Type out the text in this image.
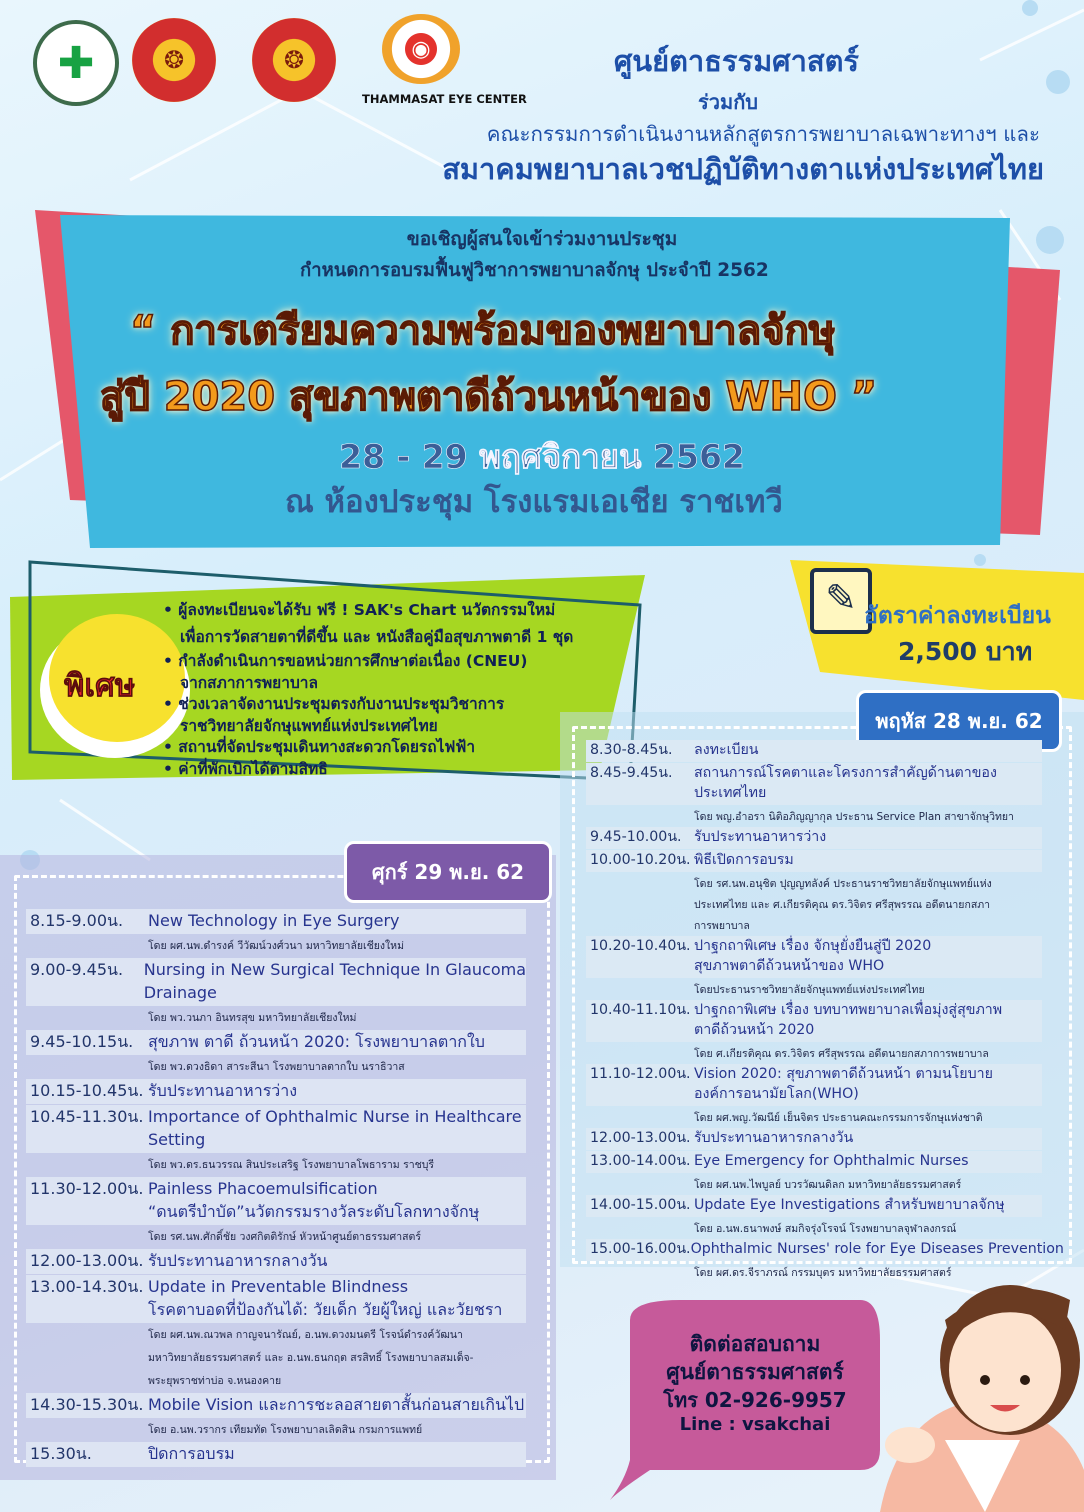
✚	❂	❂	◉
THAMMASAT EYE CENTER
ศูนย์ตาธรรมศาสตร์
ร่วมกับ
คณะกรรมการดำเนินงานหลักสูตรการพยาบาลเฉพาะทางฯ และ
สมาคมพยาบาลเวชปฏิบัติทางตาแห่งประเทศไทย
ขอเชิญผู้สนใจเข้าร่วมงานประชุม
กำหนดการอบรมฟื้นฟูวิชาการพยาบาลจักษุ ประจำปี 2562
“ การเตรียมความพร้อมของพยาบาลจักษุ
สู่ปี 2020 สุขภาพตาดีถ้วนหน้าของ WHO ”
28 - 29 พฤศจิกายน 2562
ณ ห้องประชุม โรงแรมเอเชีย ราชเทวี
พิเศษ
• ผู้ลงทะเบียนจะได้รับ ฟรี ! SAK's Chart นวัตกรรมใหม่
เพื่อการวัดสายตาที่ดีขึ้น และ หนังสือคู่มือสุขภาพตาดี 1 ชุด
• กำลังดำเนินการขอหน่วยการศึกษาต่อเนื่อง (CNEU)
จากสภาการพยาบาล
• ช่วงเวลาจัดงานประชุมตรงกับงานประชุมวิชาการ
ราชวิทยาลัยจักษุแพทย์แห่งประเทศไทย
• สถานที่จัดประชุมเดินทางสะดวกโดยรถไฟฟ้า
• ค่าที่พักเบิกได้ตามสิทธิ
✎ อัตราค่าลงทะเบียน
2,500 บาท
พฤหัส 28 พ.ย. 62
8.30-8.45น.	ลงทะเบียน
8.45-9.45น.	สถานการณ์โรคตาและโครงการสำคัญด้านตาของ
ประเทศไทย
โดย พญ.อำอรา นิติอภิญญากุล ประธาน Service Plan สาขาจักษุวิทยา
9.45-10.00น. รับประทานอาหารว่าง
10.00-10.20น. พิธีเปิดการอบรม
โดย รศ.นพ.อนุชิต ปุญญทลังค์ ประธานราชวิทยาลัยจักษุแพทย์แห่ง
ประเทศไทย และ ศ.เกียรติคุณ ดร.วิจิตร ศรีสุพรรณ อดีตนายกสภา
การพยาบาล
10.20-10.40น. ปาฐกถาพิเศษ เรื่อง จักษุยั่งยืนสู่ปี 2020
สุขภาพตาดีถ้วนหน้าของ WHO
โดยประธานราชวิทยาลัยจักษุแพทย์แห่งประเทศไทย
10.40-11.10น. ปาฐกถาพิเศษ เรื่อง บทบาทพยาบาลเพื่อมุ่งสู่สุขภาพ
ตาดีถ้วนหน้า 2020
โดย ศ.เกียรติคุณ ดร.วิจิตร ศรีสุพรรณ อดีตนายกสภาการพยาบาล
11.10-12.00น. Vision 2020: สุขภาพตาดีถ้วนหน้า ตามนโยบาย
องค์การอนามัยโลก(WHO)
โดย ผศ.พญ.วัฒนีย์ เย็นจิตร ประธานคณะกรรมการจักษุแห่งชาติ
12.00-13.00น. รับประทานอาหารกลางวัน
13.00-14.00น. Eye Emergency for Ophthalmic Nurses
โดย ผศ.นพ.ไพบูลย์ บวรวัฒนดิลก มหาวิทยาลัยธรรมศาสตร์
14.00-15.00น. Update Eye Investigations สำหรับพยาบาลจักษุ
โดย อ.นพ.ธนาพงษ์ สมกิจรุ่งโรจน์ โรงพยาบาลจุฬาลงกรณ์
15.00-16.00น. Ophthalmic Nurses' role for Eye Diseases Prevention
โดย ผศ.ดร.จีราภรณ์ กรรมบุตร มหาวิทยาลัยธรรมศาสตร์
ศุกร์ 29 พ.ย. 62
8.15-9.00น.	New Technology in Eye Surgery
โดย ผศ.นพ.ดำรงค์ วีวัฒน์วงศ์วนา มหาวิทยาลัยเชียงใหม่
9.00-9.45น.	Nursing in New Surgical Technique In Glaucoma
Drainage
โดย พว.วนภา อินทรสุข มหาวิทยาลัยเชียงใหม่
9.45-10.15น. สุขภาพ ตาดี ถ้วนหน้า 2020: โรงพยาบาลตากใบ
โดย พว.ดวงธิดา สาระสีนา โรงพยาบาลตากใบ นราธิวาส
10.15-10.45น. รับประทานอาหารว่าง
10.45-11.30น. Importance of Ophthalmic Nurse in Healthcare
Setting
โดย พว.ดร.ธนวรรณ สินประเสริฐ โรงพยาบาลโพธาราม ราชบุรี
11.30-12.00น. Painless Phacoemulsification
“ดนตรีบำบัด”นวัตกรรมรางวัลระดับโลกทางจักษุ
โดย รศ.นพ.ศักดิ์ชัย วงศกิตติรักษ์ หัวหน้าศูนย์ตาธรรมศาสตร์
12.00-13.00น. รับประทานอาหารกลางวัน
13.00-14.30น. Update in Preventable Blindness
โรคตาบอดที่ป้องกันได้: วัยเด็ก วัยผู้ใหญ่ และวัยชรา
โดย ผศ.นพ.ณวพล กาญจนารัณย์, อ.นพ.ดวงมนตรี โรจน์ดำรงค์วัฒนา
มหาวิทยาลัยธรรมศาสตร์ และ อ.นพ.ธนกฤต สรสิทธิ์ โรงพยาบาลสมเด็จ-
พระยุพราชท่าบ่อ จ.หนองคาย
14.30-15.30น. Mobile Vision และการชะลอสายตาสั้นก่อนสายเกินไป
โดย อ.นพ.วรากร เทียมทัด โรงพยาบาลเลิดสิน กรมการแพทย์
15.30น.	ปิดการอบรม
ติดต่อสอบถาม
ศูนย์ตาธรรมศาสตร์
โทร 02-926-9957
Line : vsakchai
